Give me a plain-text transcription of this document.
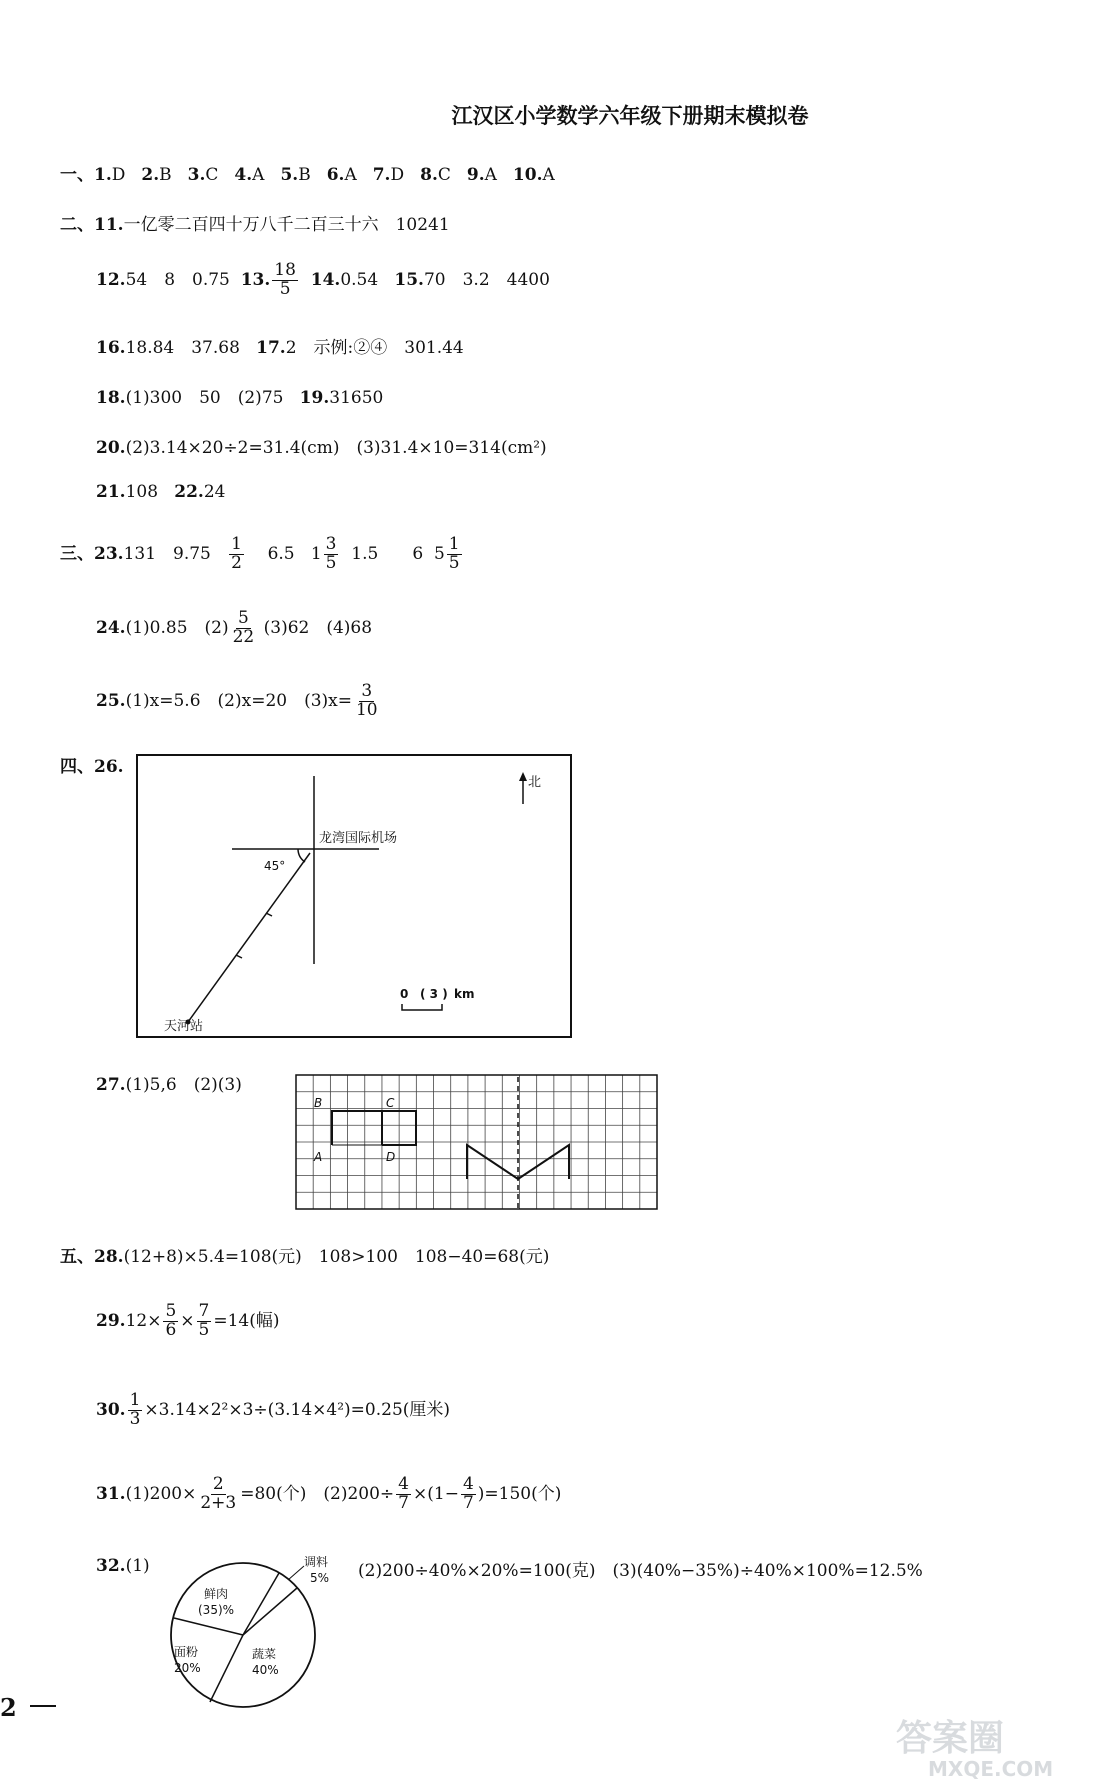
江汉区小学数学六年级下册期末模拟卷
一、1.D 2.B 3.C 4.A 5.B 6.A 7.D 8.C 9.A 10.A
二、11.一亿零二百四十万八千二百三十六　10241
12.54　8　0.75 13. $\frac{18}{5} 14.0.54$ 15.70　3.2　4400
16.18.84　37.68 17.2　示例:②④　301.44
18.(1)300　50　(2)75 19.31650
20.(2)3.14×20÷2=31.4(cm)　(3)31.4×10=314(cm²)
21.108 22.24
三、23.131　$9.75 \frac{1}{2} 6.5$ $1 \frac{3}{5} 1.5$　　6 $5 \frac{1}{5}$
24.(1)0.85　$(2) \frac{5}{22} (3)62$　(4)68
25.(1)x=5.6　(2)x=20　$(3)x= \frac{3}{10}$
四、26.
龙湾国际机场
45°
天河站
北
0 ( 3 ) km
27.(1)5,6　(2)(3)
B	C
A	D
五、28.(12+8)×5.4=108(元)　108>100　108−40=68(元)
$29.12\times \frac{5}{6} \times \frac{7}{5} =14$(幅)
30. $\frac{1}{3} \times 3.14\times 2^2\times 3\div(3.14\times 4^2)=0.25$(厘米)
$31.(1)200\times \frac{2}{2+3} =80$(个)　$(2)200\div \frac{4}{7} \times(1- \frac{4}{7} )=150$(个)
32.(1)	(2)200÷40%×20%=100(克)　(3)(40%−35%)÷40%×100%=12.5%
鲜肉
(35)%
调料
5%
面粉
20%
蔬菜
40%
2
答案圈
MXQE.COM
